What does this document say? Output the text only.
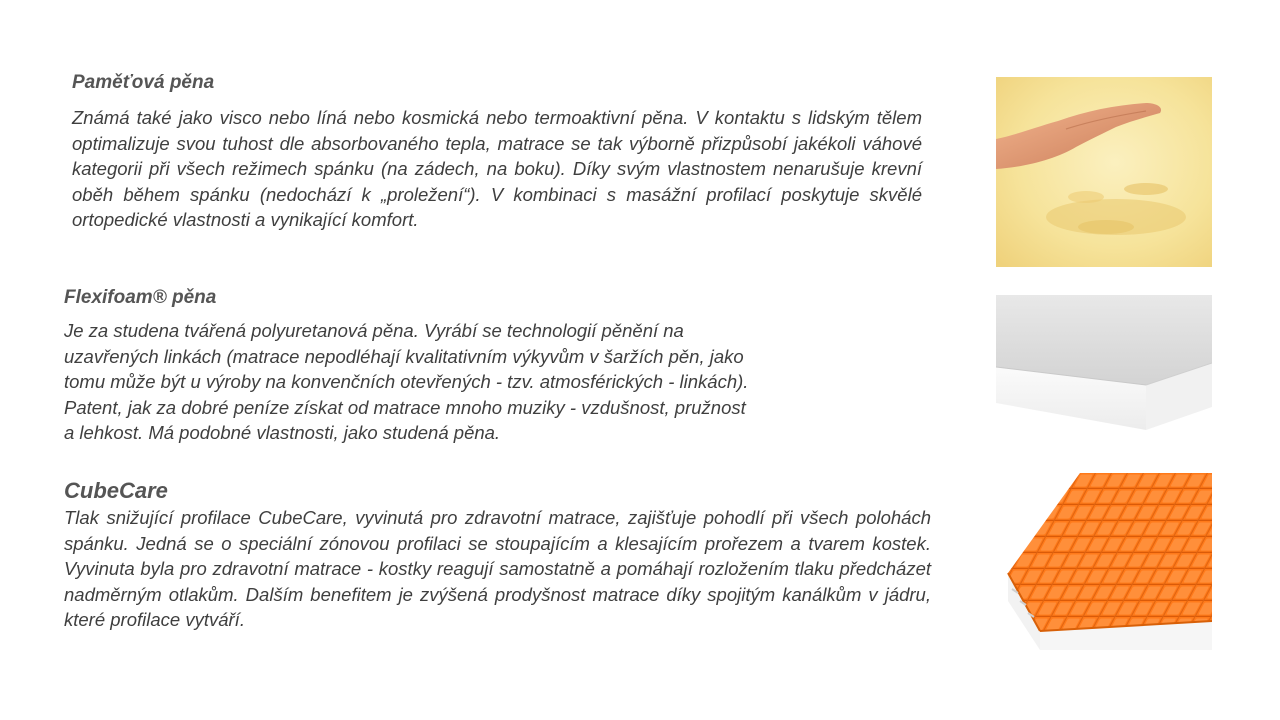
Paměťová pěna

Známá také jako visco nebo líná nebo kosmická nebo termoaktivní pěna. V kontaktu s lidským tělem optimalizuje svou tuhost dle absorbovaného tepla, matrace se tak výborně přizpůsobí jakékoli váhové kategorii při všech režimech spánku (na zádech, na boku). Díky svým vlastnostem nenarušuje krevní oběh během spánku (nedochází k „proležení“). V kombinaci s masážní profilací poskytuje skvělé ortopedické vlastnosti a vynikající komfort.

Flexifoam® pěna
Je za studena tvářená polyuretanová pěna. Vyrábí se technologií pěnění na
uzavřených linkách (matrace nepodléhají kvalitativním výkyvům v šaržích pěn, jako
tomu může být u výroby na konvenčních otevřených - tzv. atmosférických - linkách).
Patent, jak za dobré peníze získat od matrace mnoho muziky - vzdušnost, pružnost
a lehkost. Má podobné vlastnosti, jako studená pěna.
CubeCare

Tlak snižující profilace CubeCare, vyvinutá pro zdravotní matrace, zajišťuje pohodlí při všech polohách spánku. Jedná se o speciální zónovou profilaci se stoupajícím a klesajícím prořezem a tvarem kostek. Vyvinuta byla pro zdravotní matrace - kostky reagují samostatně a pomáhají rozložením tlaku předcházet nadměrným otlakům. Dalším benefitem je zvýšená prodyšnost matrace díky spojitým kanálkům v jádru, které profilace vytváří.
